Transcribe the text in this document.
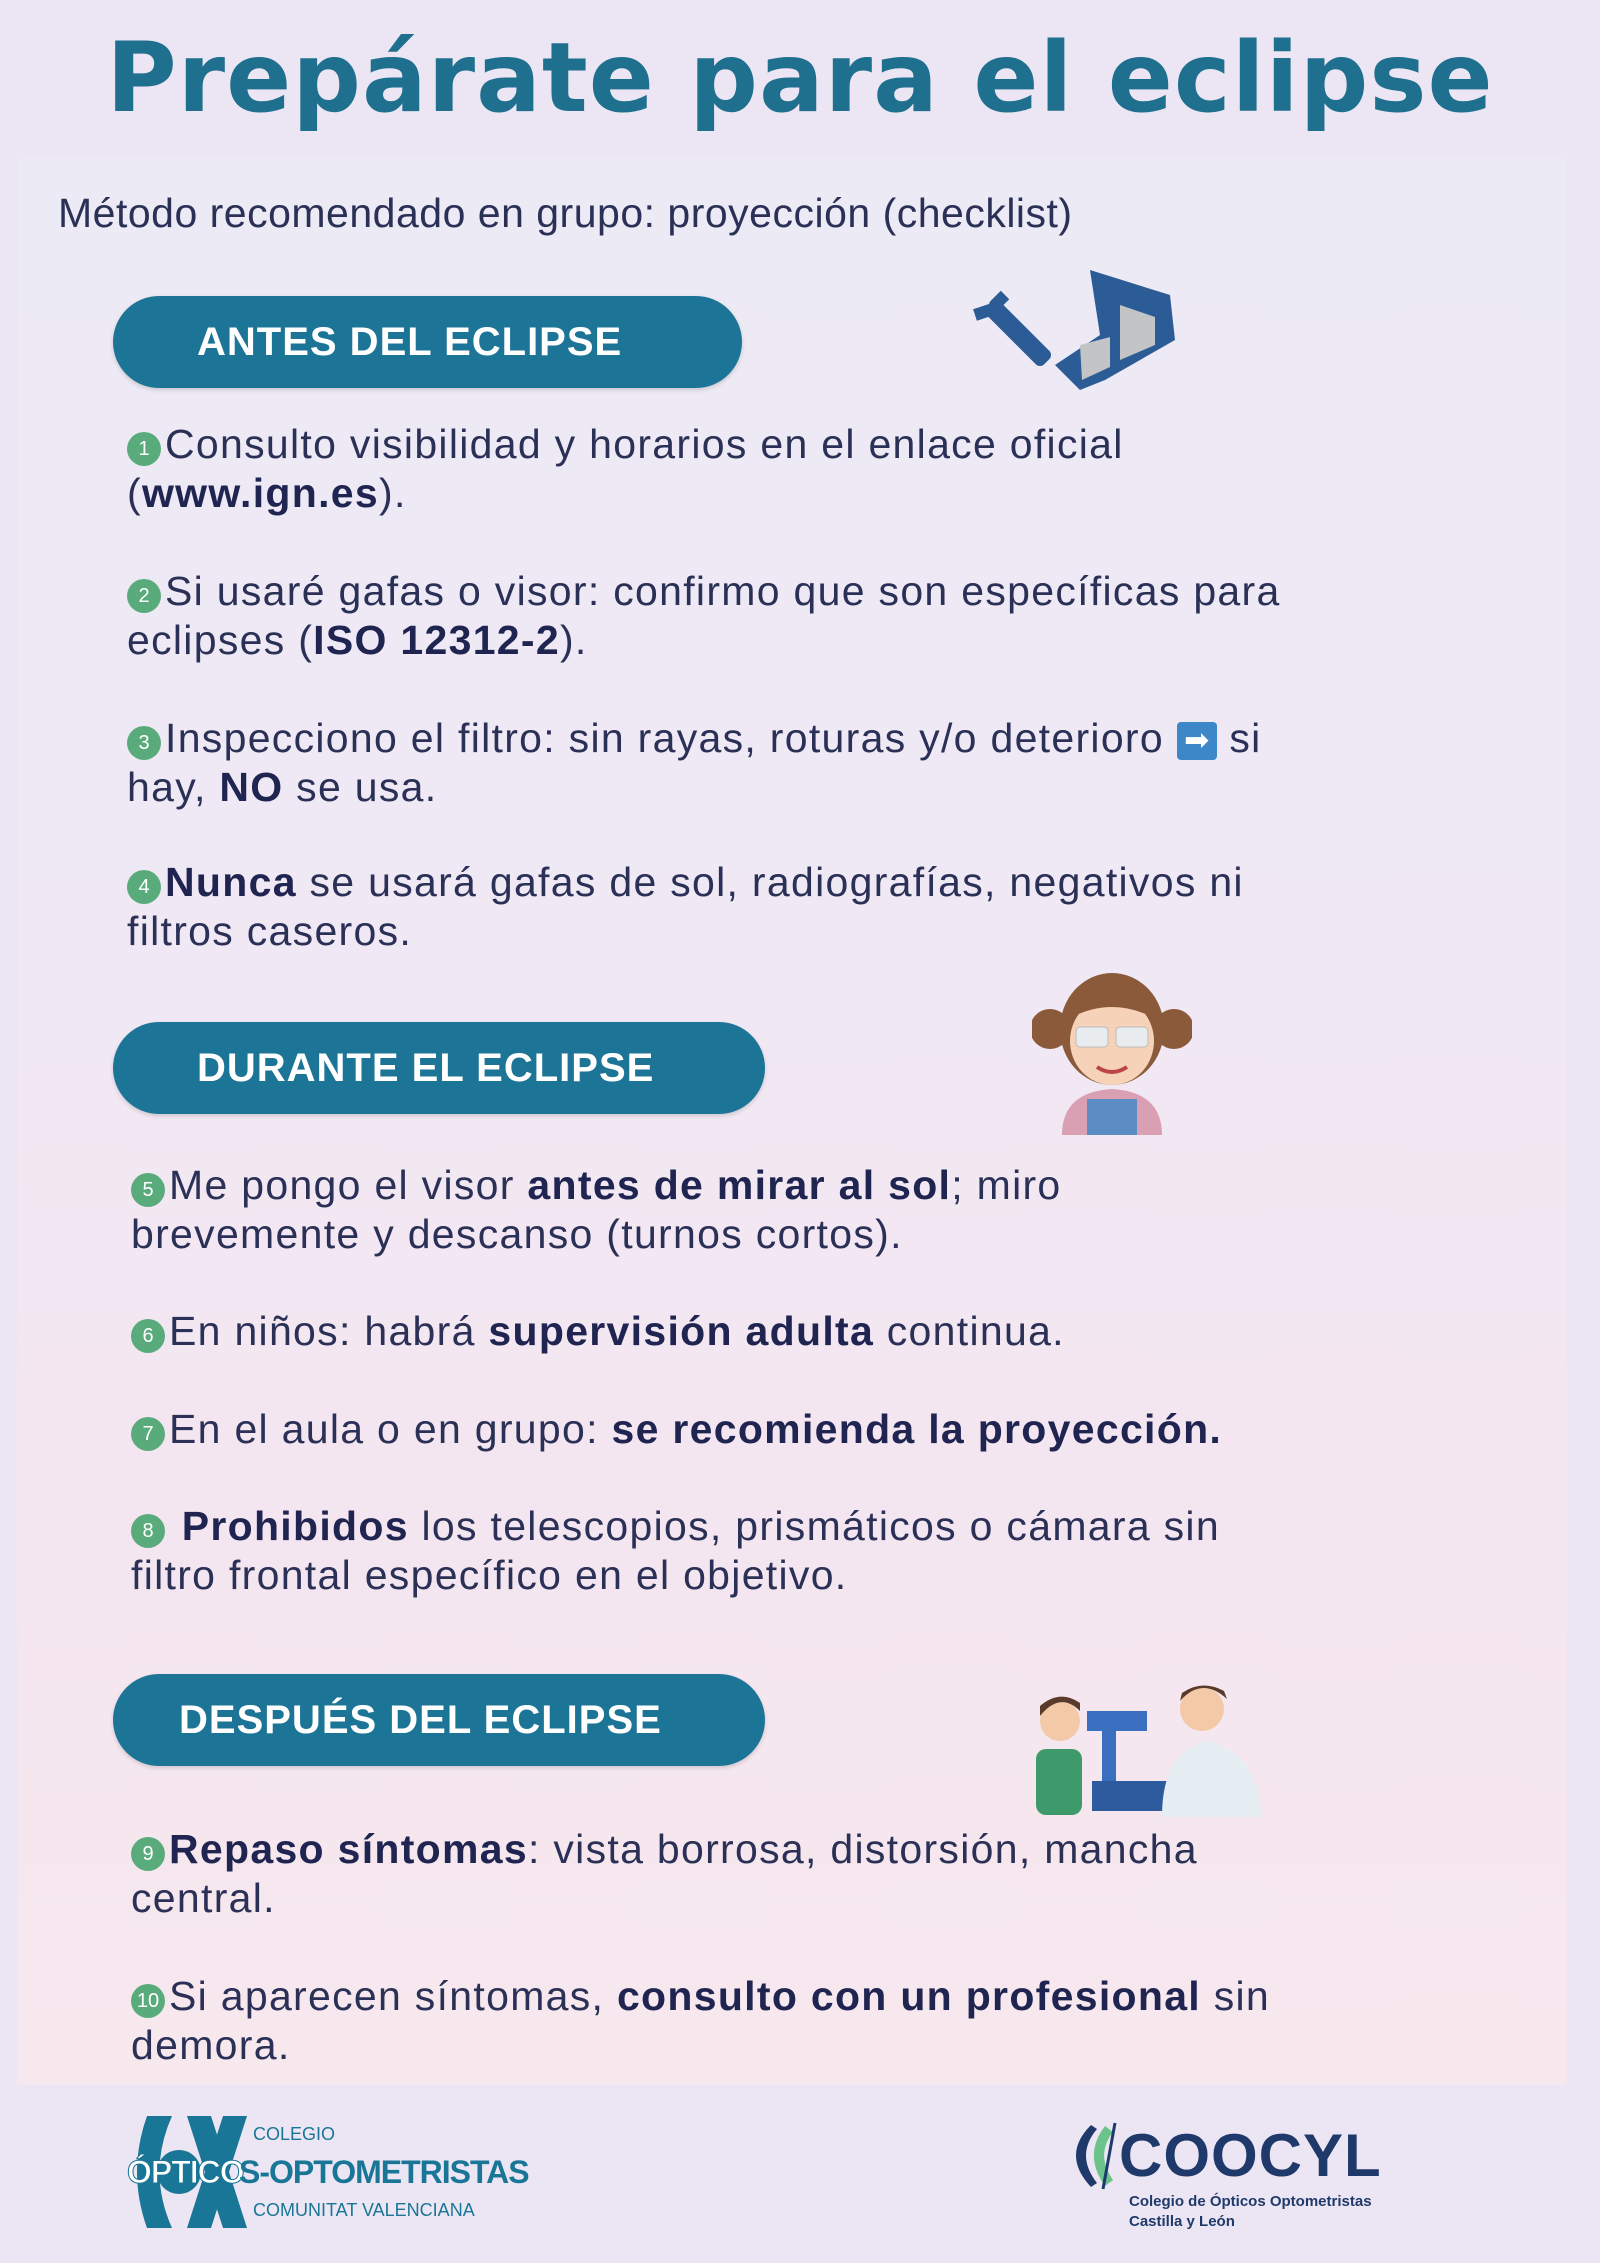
Prepárate para el eclipse
Método recomendado en grupo: proyección (checklist)
ANTES DEL ECLIPSE
DURANTE EL ECLIPSE
DESPUÉS DEL ECLIPSE
1 Consulto visibilidad y horarios en el enlace oficial
(www.ign.es).
2 Si usaré gafas o visor: confirmo que son específicas para
eclipses (ISO 12312-2).
3 Inspecciono el filtro: sin rayas, roturas y/o deterioro ➡ si
hay, NO se usa.
4 Nunca se usará gafas de sol, radiografías, negativos ni
filtros caseros.
5 Me pongo el visor antes de mirar al sol; miro
brevemente y descanso (turnos cortos).
6 En niños: habrá supervisión adulta continua.
7 En el aula o en grupo: se recomienda la proyección.
8 Prohibidos los telescopios, prismáticos o cámara sin
filtro frontal específico en el objetivo.
9 Repaso síntomas: vista borrosa, distorsión, mancha
central.
10 Si aparecen síntomas, consulto con un profesional sin
demora.
ÓPTICO
S-OPTOMETRISTAS
COLEGIO
COMUNITAT VALENCIANA
COOCYL
Colegio de Ópticos Optometristas
Castilla y León
